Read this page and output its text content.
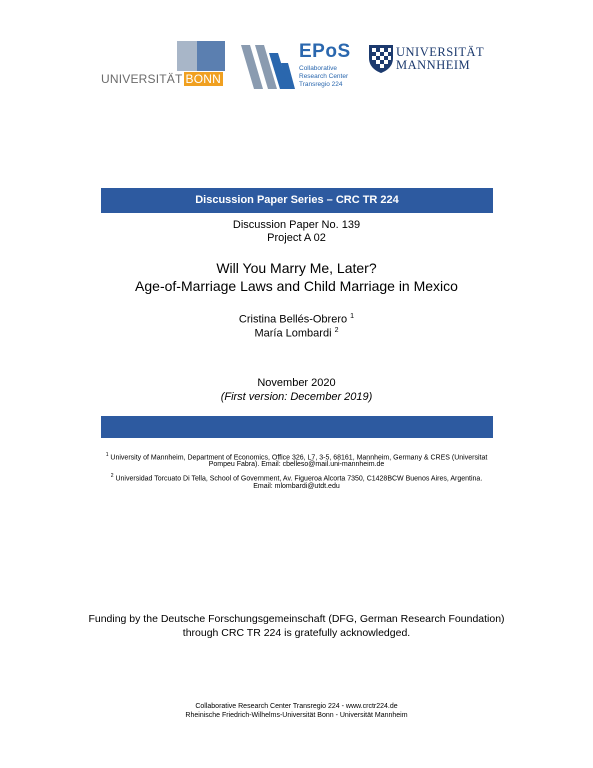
UNIVERSITÄT BONN
EPoS
Collaborative
Research Center
Transregio 224
UNIVERSITÄT
MANNHEIM
Discussion Paper Series – CRC TR 224
Discussion Paper No. 139
Project A 02
Will You Marry Me, Later?
Age-of-Marriage Laws and Child Marriage in Mexico
Cristina Bellés-Obrero $^1$
María Lombardi $^2$
November 2020
(First version: December 2019)
$^1$ University of Mannheim, Department of Economics, Office 326, L7, 3-5, 68161, Mannheim, Germany & CRES (Universitat
Pompeu Fabra). Email: cbelleso@mail.uni-mannheim.de
$^2$ Universidad Torcuato Di Tella, School of Government, Av. Figueroa Alcorta 7350, C1428BCW Buenos Aires, Argentina.
Email: mlombardi@utdt.edu
Funding by the Deutsche Forschungsgemeinschaft (DFG, German Research Foundation)
through CRC TR 224 is gratefully acknowledged.
Collaborative Research Center Transregio 224 - www.crctr224.de
Rheinische Friedrich-Wilhelms-Universität Bonn - Universität Mannheim
